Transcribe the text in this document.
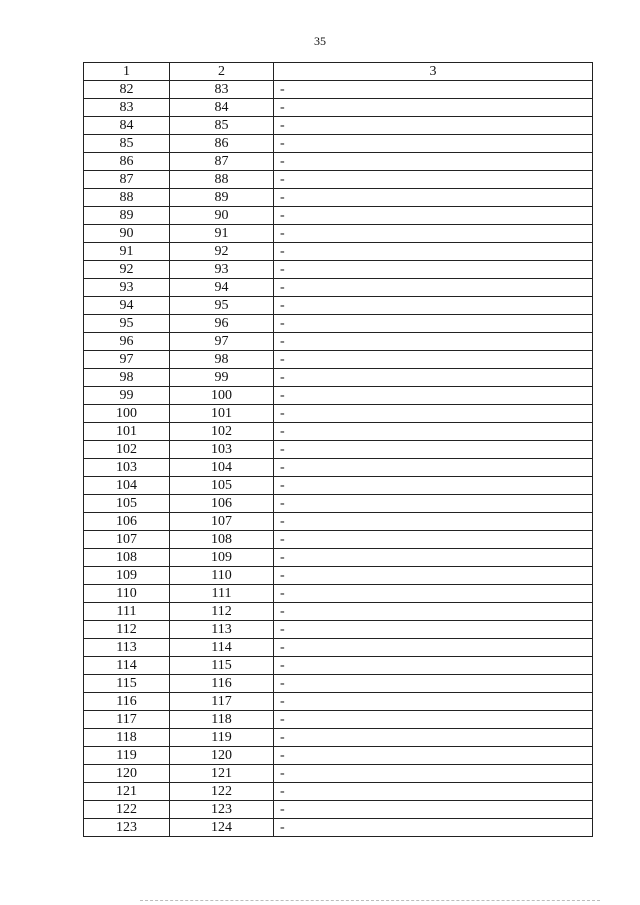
35
1	2	3
82	83	-
83	84	-
84	85	-
85	86	-
86	87	-
87	88	-
88	89	-
89	90	-
90	91	-
91	92	-
92	93	-
93	94	-
94	95	-
95	96	-
96	97	-
97	98	-
98	99	-
99	100	-
100	101	-
101	102	-
102	103	-
103	104	-
104	105	-
105	106	-
106	107	-
107	108	-
108	109	-
109	110	-
110	111	-
111	112	-
112	113	-
113	114	-
114	115	-
115	116	-
116	117	-
117	118	-
118	119	-
119	120	-
120	121	-
121	122	-
122	123	-
123	124	-
